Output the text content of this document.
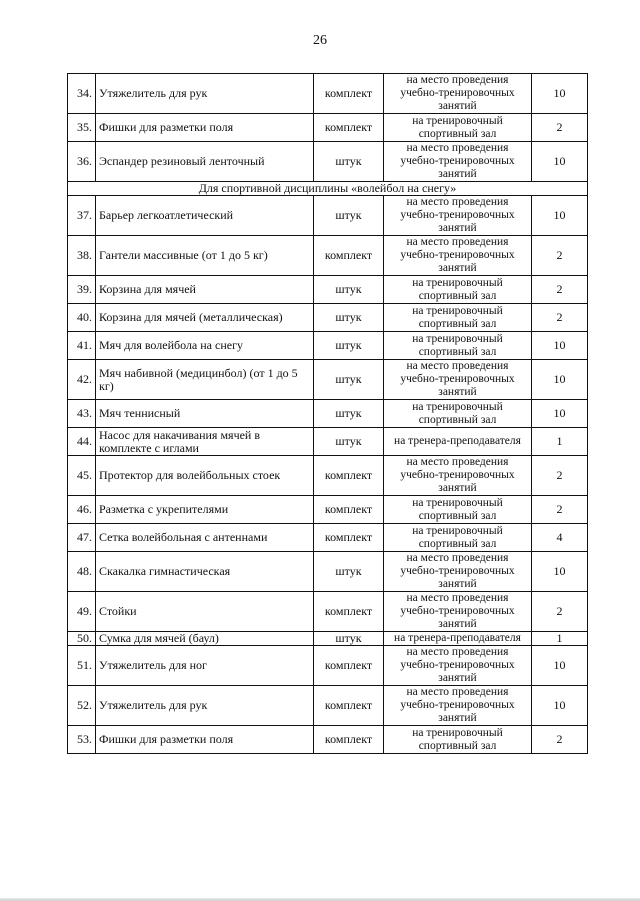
26
34.	Утяжелитель для рук	комплект	на место проведения учебно-тренировочных занятий	10
35.	Фишки для разметки поля	комплект	на тренировочный спортивный зал	2
36.	Эспандер резиновый ленточный	штук	на место проведения учебно-тренировочных занятий	10
Для спортивной дисциплины «волейбол на снегу»				
37.	Барьер легкоатлетический	штук	на место проведения учебно-тренировочных занятий	10
38.	Гантели массивные (от 1 до 5 кг)	комплект	на место проведения учебно-тренировочных занятий	2
39.	Корзина для мячей	штук	на тренировочный спортивный зал	2
40.	Корзина для мячей (металлическая)	штук	на тренировочный спортивный зал	2
41.	Мяч для волейбола на снегу	штук	на тренировочный спортивный зал	10
42.	Мяч набивной (медицинбол) (от 1 до 5 кг)	штук	на место проведения учебно-тренировочных занятий	10
43.	Мяч теннисный	штук	на тренировочный спортивный зал	10
44.	Насос для накачивания мячей в комплекте с иглами	штук	на тренера-преподавателя	1
45.	Протектор для волейбольных стоек	комплект	на место проведения учебно-тренировочных занятий	2
46.	Разметка с укрепителями	комплект	на тренировочный спортивный зал	2
47.	Сетка волейбольная с антеннами	комплект	на тренировочный спортивный зал	4
48.	Скакалка гимнастическая	штук	на место проведения учебно-тренировочных занятий	10
49.	Стойки	комплект	на место проведения учебно-тренировочных занятий	2
50.	Сумка для мячей (баул)	штук	на тренера-преподавателя	1
51.	Утяжелитель для ног	комплект	на место проведения учебно-тренировочных занятий	10
52.	Утяжелитель для рук	комплект	на место проведения учебно-тренировочных занятий	10
53.	Фишки для разметки поля	комплект	на тренировочный спортивный зал	2
